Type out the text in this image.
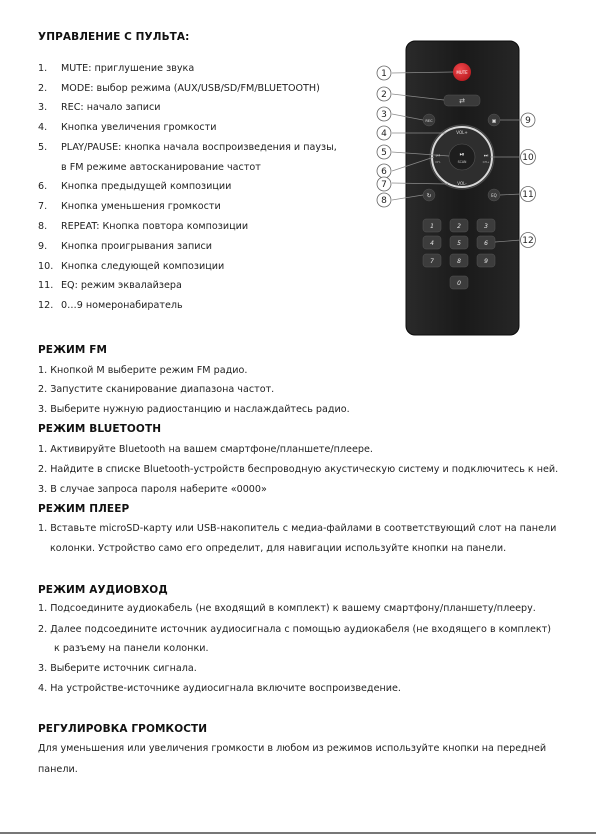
УПРАВЛЕНИЕ С ПУЛЬТА:
1. MUTE: приглушение звука
2. MODE: выбор режима (AUX/USB/SD/FM/BLUETOOTH)
3. REC: начало записи
4. Кнопка увеличения громкости
5. PLAY/PAUSE: кнопка начала воспроизведения и паузы,
в FM режиме автосканирование частот
6. Кнопка предыдущей композиции
7. Кнопка уменьшения громкости
8. REPEAT: Кнопка повтора композиции
9. Кнопка проигрывания записи
10. Кнопка следующей композиции
11. EQ: режим эквалайзера
12. 0…9 номеронабиратель
MUTE
⇄
REC	▣
VOL+
VOL-
⏮
CH-
⏭
CH+
⏯
SCAN
↻	EQ
1	2	3
4	5	6
7	8	9
0
1
2
3
4
5
6
7
8
9
10
11
12
РЕЖИМ FM

1. Кнопкой M выберите режим FM радио.

2. Запустите сканирование диапазона частот.

3. Выберите нужную радиостанцию и наслаждайтесь радио.

РЕЖИМ BLUETOOTH

1. Активируйте Bluetooth на вашем смартфоне/планшете/плеере.

2. Найдите в списке Bluetooth-устройств беспроводную акустическую систему и подключитесь к ней.

3. В случае запроса пароля наберите «0000»

РЕЖИМ ПЛЕЕР

1. Вставьте microSD-карту или USB-накопитель с медиа-файлами в соответствующий слот на панели

колонки. Устройство само его определит, для навигации используйте кнопки на панели.

РЕЖИМ АУДИОВХОД

1. Подсоедините аудиокабель (не входящий в комплект) к вашему смартфону/планшету/плееру.

2. Далее подсоедините источник аудиосигнала с помощью аудиокабеля (не входящего в комплект)

к разъему на панели колонки.

3. Выберите источник сигнала.

4. На устройстве-источнике аудиосигнала включите воспроизведение.

РЕГУЛИРОВКА ГРОМКОСТИ

Для уменьшения или увеличения громкости в любом из режимов используйте кнопки на передней

панели.
